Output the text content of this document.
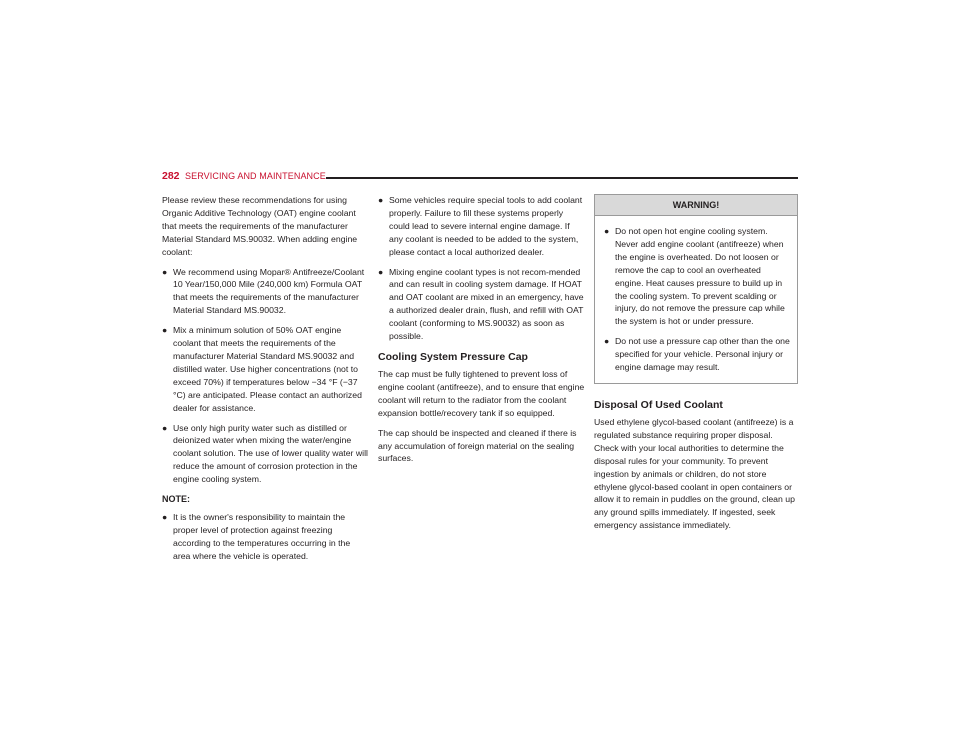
282 SERVICING AND MAINTENANCE

Please review these recommendations for using Organic Additive Technology (OAT) engine coolant that meets the requirements of the manufacturer Material Standard MS.90032. When adding engine coolant:

● We recommend using Mopar® Antifreeze/Coolant 10 Year/150,000 Mile (240,000 km) Formula OAT that meets the requirements of the manufacturer Material Standard MS.90032.
● Mix a minimum solution of 50% OAT engine coolant that meets the requirements of the manufacturer Material Standard MS.90032 and distilled water. Use higher concentrations (not to exceed 70%) if temperatures below −34 °F (−37 °C) are anticipated. Please contact an authorized dealer for assistance.
● Use only high purity water such as distilled or deionized water when mixing the water/engine coolant solution. The use of lower quality water will reduce the amount of corrosion protection in the engine cooling system.
NOTE:
● It is the owner's responsibility to maintain the proper level of protection against freezing according to the temperatures occurring in the area where the vehicle is operated.
● Some vehicles require special tools to add coolant properly. Failure to fill these systems properly could lead to severe internal engine damage. If any coolant is needed to be added to the system, please contact a local authorized dealer.
● Mixing engine coolant types is not recom-mended and can result in cooling system damage. If HOAT and OAT coolant are mixed in an emergency, have a authorized dealer drain, flush, and refill with OAT coolant (conforming to MS.90032) as soon as possible.
Cooling System Pressure Cap

The cap must be fully tightened to prevent loss of engine coolant (antifreeze), and to ensure that engine coolant will return to the radiator from the coolant expansion bottle/recovery tank if so equipped.

The cap should be inspected and cleaned if there is any accumulation of foreign material on the sealing surfaces.

WARNING!
● Do not open hot engine cooling system. Never add engine coolant (antifreeze) when the engine is overheated. Do not loosen or remove the cap to cool an overheated engine. Heat causes pressure to build up in the cooling system. To prevent scalding or injury, do not remove the pressure cap while the system is hot or under pressure.
● Do not use a pressure cap other than the one specified for your vehicle. Personal injury or engine damage may result.
Disposal Of Used Coolant

Used ethylene glycol-based coolant (antifreeze) is a regulated substance requiring proper disposal. Check with your local authorities to determine the disposal rules for your community. To prevent ingestion by animals or children, do not store ethylene glycol-based coolant in open containers or allow it to remain in puddles on the ground, clean up any ground spills immediately. If ingested, seek emergency assistance immediately.
